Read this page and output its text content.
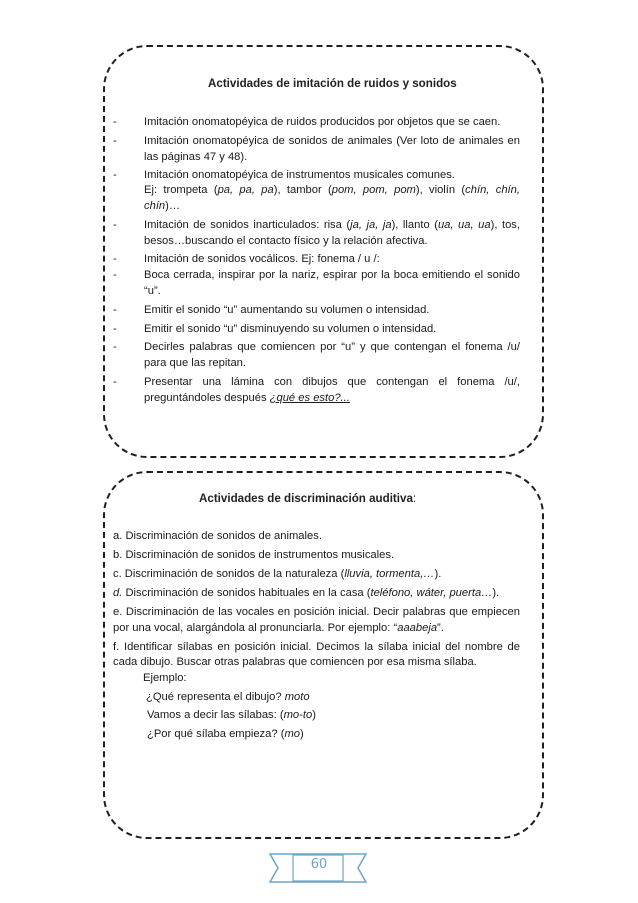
Actividades de imitación de ruidos y sonidos
- Imitación onomatopéyica de ruidos producidos por objetos que se caen.
- Imitación onomatopéyica de sonidos de animales (Ver loto de animales en las páginas 47 y 48).
- Imitación onomatopéyica de instrumentos musicales comunes.
Ej: trompeta (pa, pa, pa), tambor (pom, pom, pom), violín (chín, chín, chín)…
- Imitación de sonidos inarticulados: risa (ja, ja, ja), llanto (ua, ua, ua), tos, besos…buscando el contacto físico y la relación afectiva.
- Imitación de sonidos vocálicos. Ej: fonema / u /:
- Boca cerrada, inspirar por la nariz, espirar por la boca emitiendo el sonido “u”.
- Emitir el sonido “u” aumentando su volumen o intensidad.
- Emitir el sonido “u” disminuyendo su volumen o intensidad.
- Decirles palabras que comiencen por “u” y que contengan el fonema /u/ para que las repitan.
- Presentar una lámina con dibujos que contengan el fonema /u/, preguntándoles después ¿qué es esto?...
Actividades de discriminación auditiva:
a. Discriminación de sonidos de animales.
b. Discriminación de sonidos de instrumentos musicales.
c. Discriminación de sonidos de la naturaleza (lluvia, tormenta,…).
d. Discriminación de sonidos habituales en la casa (teléfono, wáter, puerta…).
e. Discriminación de las vocales en posición inicial. Decir palabras que empiecen por una vocal, alargándola al pronunciarla. Por ejemplo: “aaabeja”.
f. Identificar sílabas en posición inicial. Decimos la sílaba inicial del nombre de cada dibujo. Buscar otras palabras que comiencen por esa misma sílaba.
Ejemplo:
¿Qué representa el dibujo? moto
Vamos a decir las sílabas: (mo-to)
¿Por qué sílaba empieza? (mo)
60
